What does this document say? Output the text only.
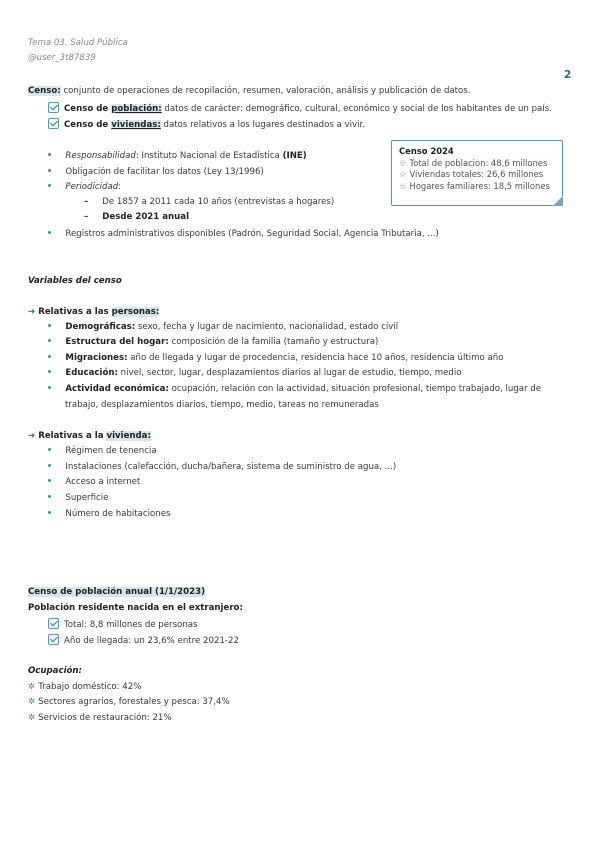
Tema 03. Salud Pública
@user_3t87839
2
Censo: conjunto de operaciones de recopilación, resumen, valoración, análisis y publicación de datos.
Censo de población: datos de carácter: demográfico, cultural, económico y social de los habitantes de un país.
Censo de viviendas: datos relativos a los lugares destinados a vivir.
Responsabilidad: Instituto Nacional de Estadística (INE)
Obligación de facilitar los datos (Ley 13/1996)
Periodicidad:
– De 1857 a 2011 cada 10 años (entrevistas a hogares)
– Desde 2021 anual
Registros administrativos disponibles (Padrón, Seguridad Social, Agencia Tributaria, ...)
Censo 2024
☆ Total de poblacion: 48,6 millones
☆ Viviendas totales: 26,6 millones
☆ Hogares familiares: 18,5 millones
Variables del censo
➔ Relativas a las personas:
Demográficas: sexo, fecha y lugar de nacimiento, nacionalidad, estado civil
Estructura del hogar: composición de la familia (tamaño y estructura)
Migraciones: año de llegada y lugar de procedencia, residencia hace 10 años, residencia último año
Educación: nivel, sector, lugar, desplazamientos diarios al lugar de estudio, tiempo, medio
Actividad económica: ocupación, relación con la actividad, situación profesional, tiempo trabajado, lugar de
trabajo, desplazamientos diarios, tiempo, medio, tareas no remuneradas
➔ Relativas a la vivienda:
Régimen de tenencia
Instalaciones (calefacción, ducha/bañera, sistema de suministro de agua, ...)
Acceso a internet
Superficie
Número de habitaciones
Censo de población anual (1/1/2023)
Población residente nacida en el extranjero:
Total: 8,8 millones de personas
Año de llegada: un 23,6% entre 2021-22
Ocupación:
✲ Trabajo doméstico: 42%
✲ Sectores agrarios, forestales y pesca: 37,4%
✲ Servicios de restauración: 21%
